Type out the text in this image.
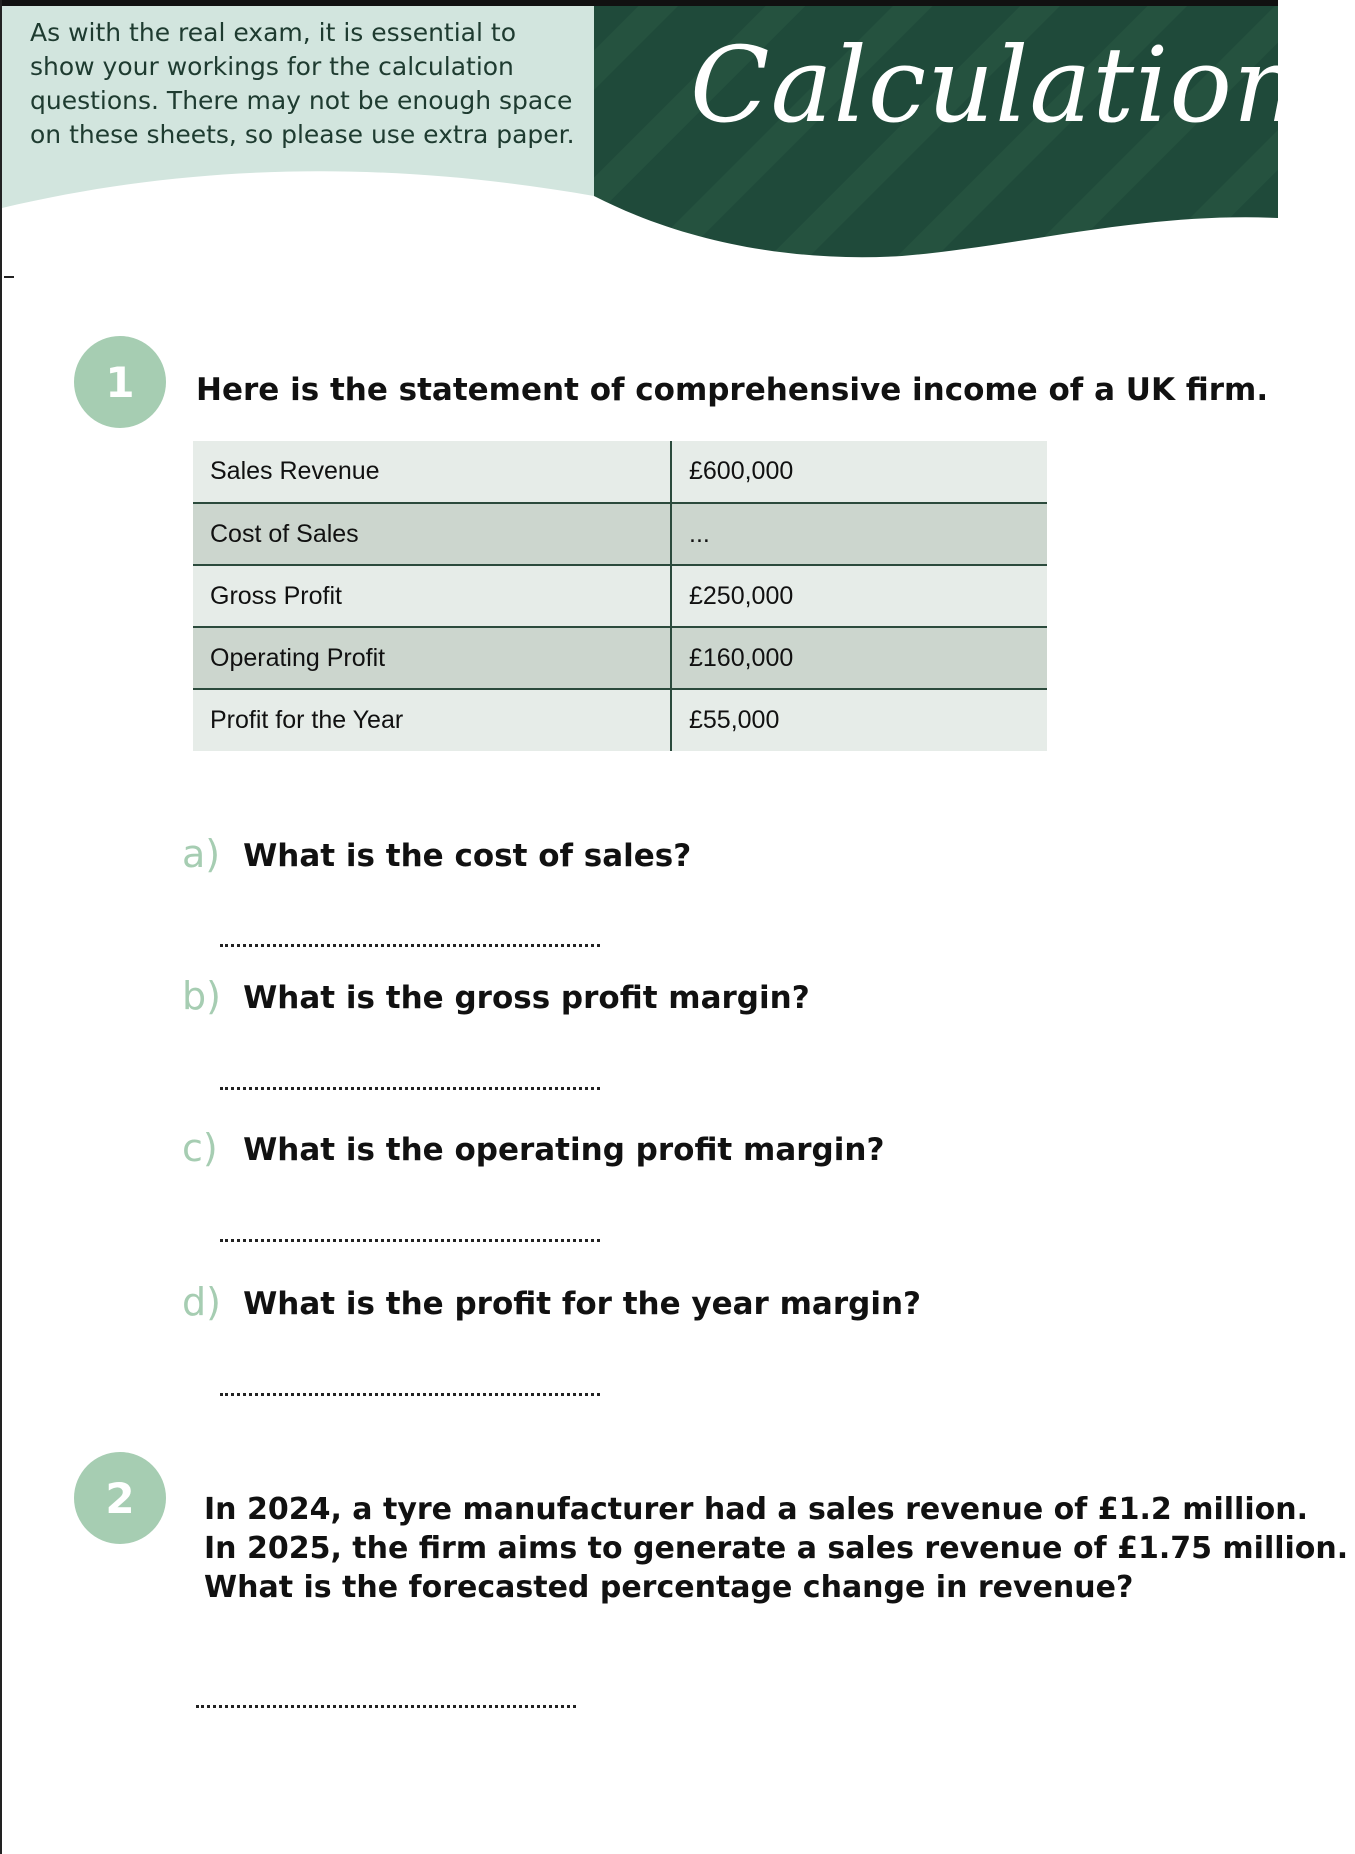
As with the real exam, it is essential to
show your workings for the calculation
questions. There may not be enough space
on these sheets, so please use extra paper. Calculations
1	Here is the statement of comprehensive income of a UK firm.
Sales Revenue	£600,000
Cost of Sales	...
Gross Profit	£250,000
Operating Profit	£160,000
Profit for the Year	£55,000
a) What is the cost of sales?
b) What is the gross profit margin?
c) What is the operating profit margin?
d) What is the profit for the year margin?
2	In 2024, a tyre manufacturer had a sales revenue of £1.2 million.
In 2025, the firm aims to generate a sales revenue of £1.75 million.
What is the forecasted percentage change in revenue?
